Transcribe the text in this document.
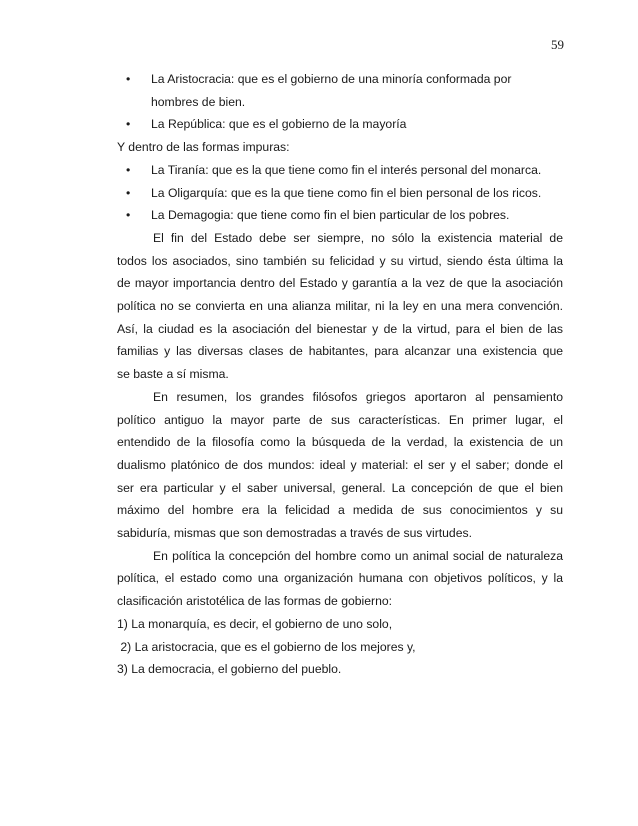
59
• La Aristocracia: que es el gobierno de una minoría conformada por
hombres de bien.
• La República: que es el gobierno de la mayoría

Y dentro de las formas impuras:

• La Tiranía: que es la que tiene como fin el interés personal del monarca.
• La Oligarquía: que es la que tiene como fin el bien personal de los ricos.
• La Demagogia: que tiene como fin el bien particular de los pobres.

El fin del Estado debe ser siempre, no sólo la existencia material de
todos los asociados, sino también su felicidad y su virtud, siendo ésta última la
de mayor importancia dentro del Estado y garantía a la vez de que la asociación
política no se convierta en una alianza militar, ni la ley en una mera convención.
Así, la ciudad es la asociación del bienestar y de la virtud, para el bien de las
familias y las diversas clases de habitantes, para alcanzar una existencia que
se baste a sí misma.

En resumen, los grandes filósofos griegos aportaron al pensamiento
político antiguo la mayor parte de sus características. En primer lugar, el
entendido de la filosofía como la búsqueda de la verdad, la existencia de un
dualismo platónico de dos mundos: ideal y material: el ser y el saber; donde el
ser era particular y el saber universal, general. La concepción de que el bien
máximo del hombre era la felicidad a medida de sus conocimientos y su
sabiduría, mismas que son demostradas a través de sus virtudes.

En política la concepción del hombre como un animal social de naturaleza
política, el estado como una organización humana con objetivos políticos, y la
clasificación aristotélica de las formas de gobierno:

1) La monarquía, es decir, el gobierno de uno solo,

2) La aristocracia, que es el gobierno de los mejores y,

3) La democracia, el gobierno del pueblo.
